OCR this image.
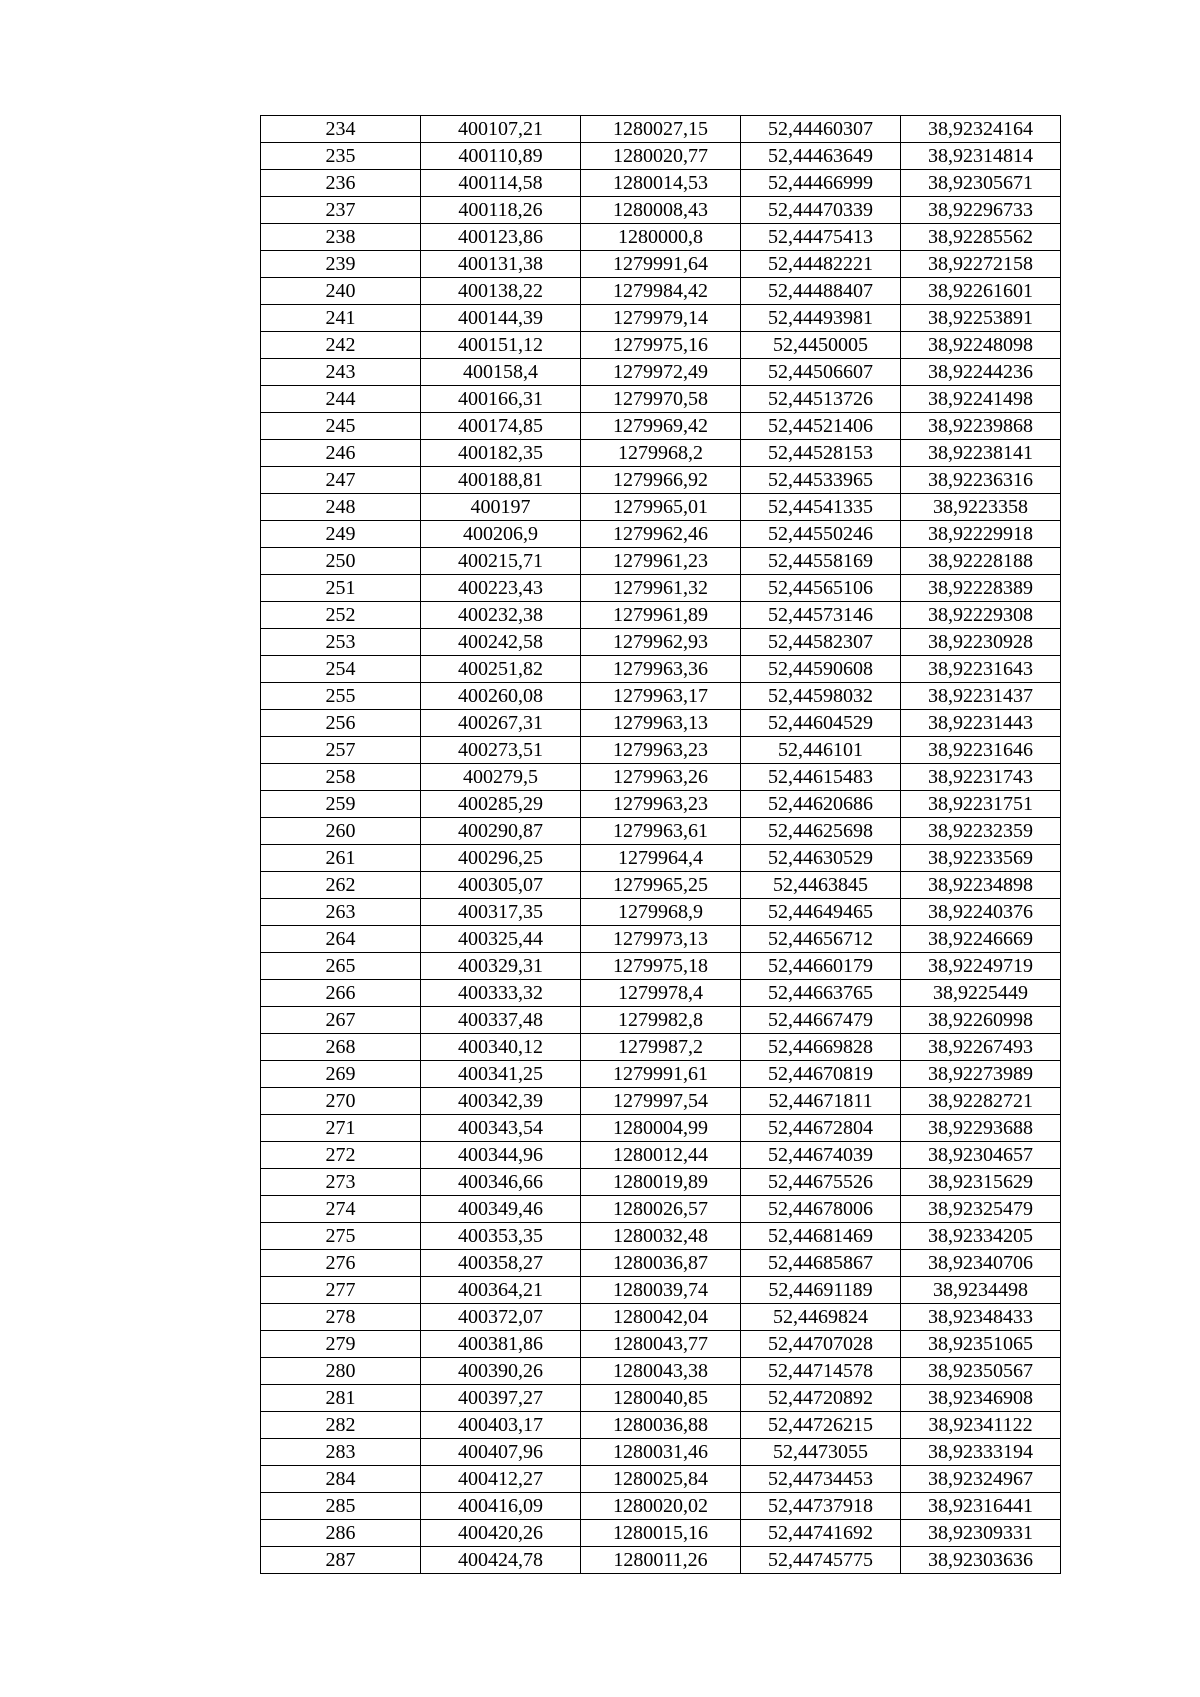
234	400107,21	1280027,15	52,44460307	38,92324164
235	400110,89	1280020,77	52,44463649	38,92314814
236	400114,58	1280014,53	52,44466999	38,92305671
237	400118,26	1280008,43	52,44470339	38,92296733
238	400123,86	1280000,8	52,44475413	38,92285562
239	400131,38	1279991,64	52,44482221	38,92272158
240	400138,22	1279984,42	52,44488407	38,92261601
241	400144,39	1279979,14	52,44493981	38,92253891
242	400151,12	1279975,16	52,4450005	38,92248098
243	400158,4	1279972,49	52,44506607	38,92244236
244	400166,31	1279970,58	52,44513726	38,92241498
245	400174,85	1279969,42	52,44521406	38,92239868
246	400182,35	1279968,2	52,44528153	38,92238141
247	400188,81	1279966,92	52,44533965	38,92236316
248	400197	1279965,01	52,44541335	38,9223358
249	400206,9	1279962,46	52,44550246	38,92229918
250	400215,71	1279961,23	52,44558169	38,92228188
251	400223,43	1279961,32	52,44565106	38,92228389
252	400232,38	1279961,89	52,44573146	38,92229308
253	400242,58	1279962,93	52,44582307	38,92230928
254	400251,82	1279963,36	52,44590608	38,92231643
255	400260,08	1279963,17	52,44598032	38,92231437
256	400267,31	1279963,13	52,44604529	38,92231443
257	400273,51	1279963,23	52,446101	38,92231646
258	400279,5	1279963,26	52,44615483	38,92231743
259	400285,29	1279963,23	52,44620686	38,92231751
260	400290,87	1279963,61	52,44625698	38,92232359
261	400296,25	1279964,4	52,44630529	38,92233569
262	400305,07	1279965,25	52,4463845	38,92234898
263	400317,35	1279968,9	52,44649465	38,92240376
264	400325,44	1279973,13	52,44656712	38,92246669
265	400329,31	1279975,18	52,44660179	38,92249719
266	400333,32	1279978,4	52,44663765	38,9225449
267	400337,48	1279982,8	52,44667479	38,92260998
268	400340,12	1279987,2	52,44669828	38,92267493
269	400341,25	1279991,61	52,44670819	38,92273989
270	400342,39	1279997,54	52,44671811	38,92282721
271	400343,54	1280004,99	52,44672804	38,92293688
272	400344,96	1280012,44	52,44674039	38,92304657
273	400346,66	1280019,89	52,44675526	38,92315629
274	400349,46	1280026,57	52,44678006	38,92325479
275	400353,35	1280032,48	52,44681469	38,92334205
276	400358,27	1280036,87	52,44685867	38,92340706
277	400364,21	1280039,74	52,44691189	38,9234498
278	400372,07	1280042,04	52,4469824	38,92348433
279	400381,86	1280043,77	52,44707028	38,92351065
280	400390,26	1280043,38	52,44714578	38,92350567
281	400397,27	1280040,85	52,44720892	38,92346908
282	400403,17	1280036,88	52,44726215	38,92341122
283	400407,96	1280031,46	52,4473055	38,92333194
284	400412,27	1280025,84	52,44734453	38,92324967
285	400416,09	1280020,02	52,44737918	38,92316441
286	400420,26	1280015,16	52,44741692	38,92309331
287	400424,78	1280011,26	52,44745775	38,92303636
